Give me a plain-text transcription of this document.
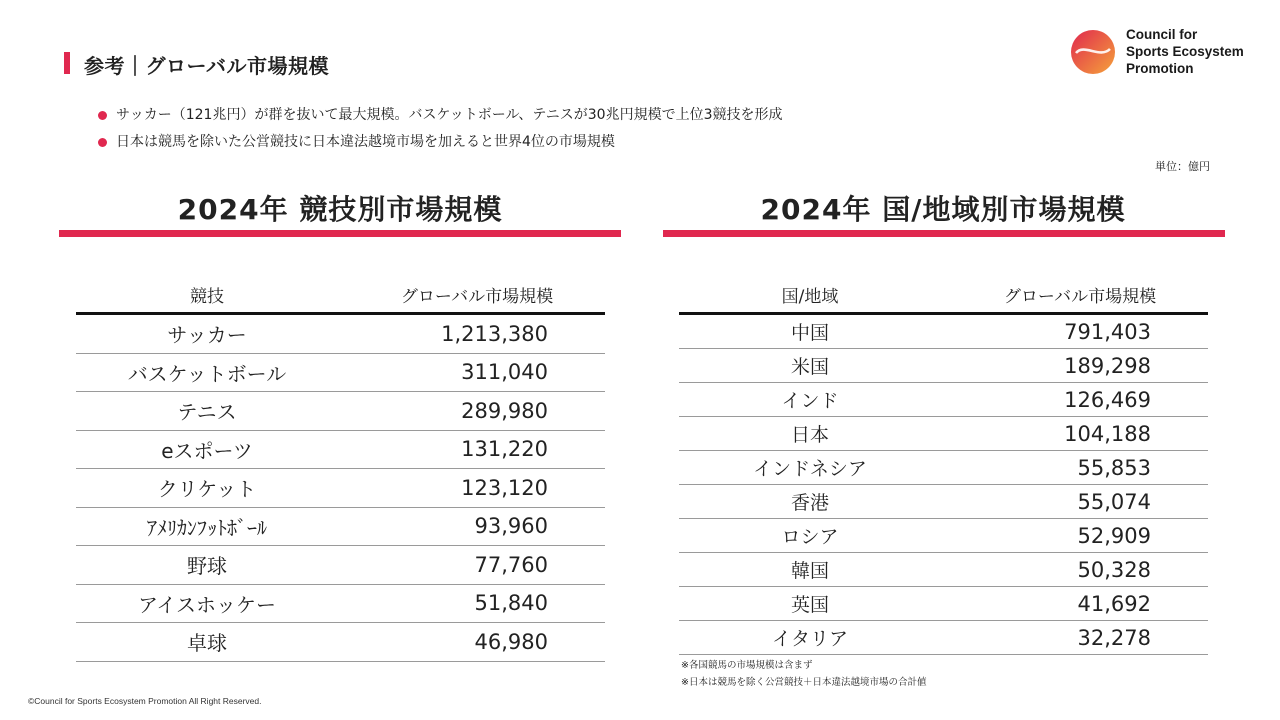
参考｜グローバル市場規模
Council for
Sports Ecosystem
Promotion
サッカー（121兆円）が群を抜いて最大規模。バスケットボール、テニスが30兆円規模で上位3競技を形成
日本は競馬を除いた公営競技に日本違法越境市場を加えると世界4位の市場規模
単位：億円
2024年 競技別市場規模	2024年 国/地域別市場規模
競技	グローバル市場規模
サッカー	1,213,380
バスケットボール	311,040
テニス	289,980
eスポーツ	131,220
クリケット	123,120
ｱﾒﾘｶﾝﾌｯﾄﾎﾞｰﾙ	93,960
野球	77,760
アイスホッケー	51,840
卓球	46,980
国/地域	グローバル市場規模
中国	791,403
米国	189,298
インド	126,469
日本	104,188
インドネシア	55,853
香港	55,074
ロシア	52,909
韓国	50,328
英国	41,692
イタリア	32,278
※各国競馬の市場規模は含まず
※日本は競馬を除く公営競技＋日本違法越境市場の合計値
©Council for Sports Ecosystem Promotion All Right Reserved.
